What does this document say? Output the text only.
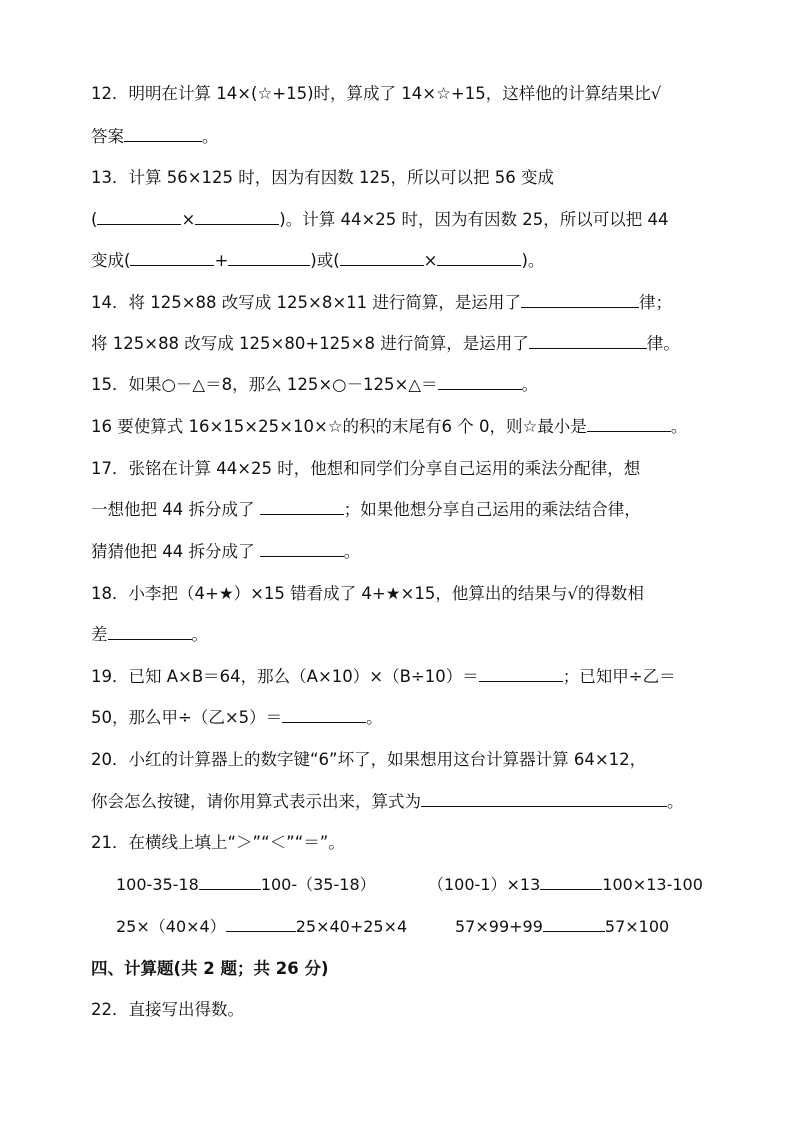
12．明明在计算 14×(☆+15)时，算成了 14×☆+15，这样他的计算结果比√
答案	。
13．计算 56×125 时，因为有因数 125，所以可以把 56 变成
(	×	)。计算 44×25 时，因为有因数 25，所以可以把 44
变成(	+	)或(	×	)。
14．将 125×88 改写成 125×8×11 进行简算，是运用了	律；
将 125×88 改写成 125×80+125×8 进行简算，是运用了	律。
15．如果○－△＝8，那么 125×○－125×△＝	。
16 要使算式 16×15×25×10×☆的积的末尾有6 个 0，则☆最小是	。
17．张铭在计算 44×25 时，他想和同学们分享自己运用的乘法分配律，想
一想他把 44 拆分成了	；如果他想分享自己运用的乘法结合律，
猜猜他把 44 拆分成了	。
18．小李把（4+★）×15 错看成了 4+★×15，他算出的结果与√的得数相
差	。
19．已知 A×B＝64，那么（A×10）×（B÷10）＝	；已知甲÷乙＝
50，那么甲÷（乙×5）＝	。
20．小红的计算器上的数字键“6”坏了，如果想用这台计算器计算 64×12，
你会怎么按键，请你用算式表示出来，算式为	。
21．在横线上填上“＞”“＜”“＝”。
100-35-18	100-（35-18）	（100-1）×13	100×13-100
25×（40×4）	25×40+25×4	57×99+99	57×100
四、计算题(共 2 题；共 26 分)
22．直接写出得数。
